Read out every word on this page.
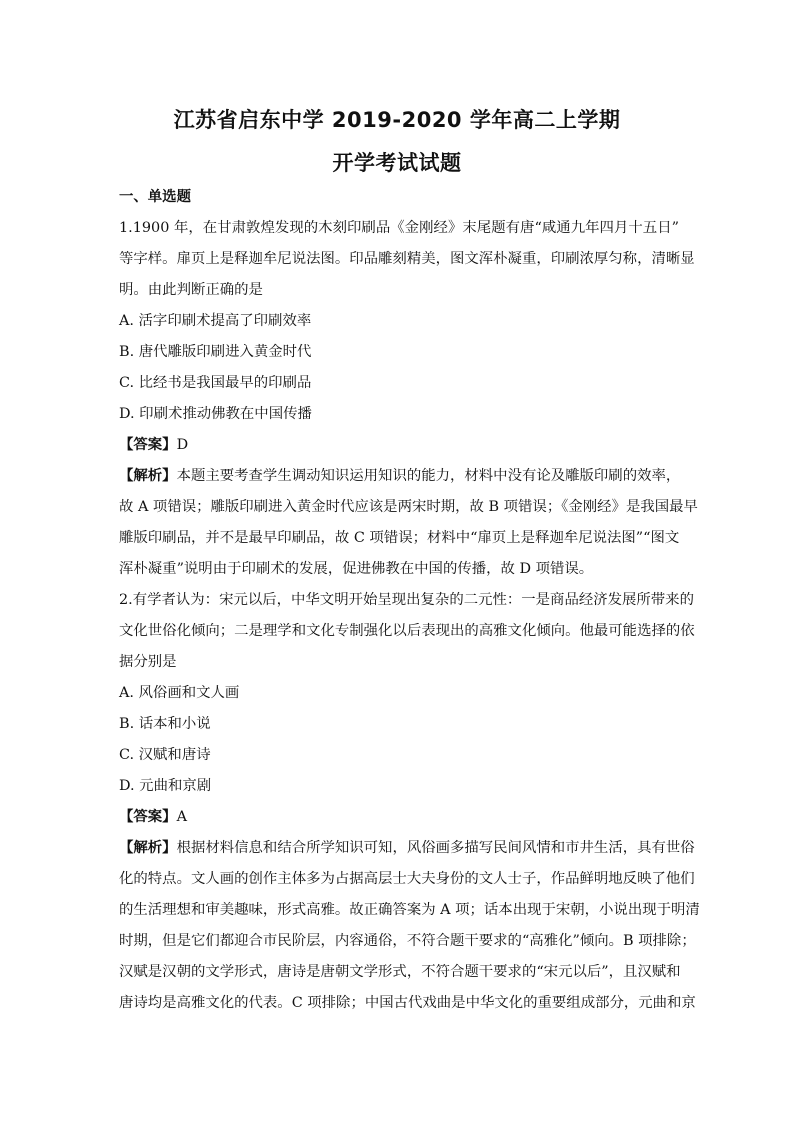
江苏省启东中学 2019-2020 学年高二上学期
开学考试试题
一、单选题
1.1900 年，在甘肃敦煌发现的木刻印刷品《金刚经》末尾题有唐“咸通九年四月十五日”
等字样。扉页上是释迦牟尼说法图。印品雕刻精美，图文浑朴凝重，印刷浓厚匀称，清晰显
明。由此判断正确的是
A. 活字印刷术提高了印刷效率
B. 唐代雕版印刷进入黄金时代
C. 比经书是我国最早的印刷品
D. 印刷术推动佛教在中国传播
【答案】D
【解析】本题主要考查学生调动知识运用知识的能力，材料中没有论及雕版印刷的效率，
故 A 项错误；雕版印刷进入黄金时代应该是两宋时期，故 B 项错误；《金刚经》是我国最早
雕版印刷品，并不是最早印刷品，故 C 项错误；材料中“扉页上是释迦牟尼说法图”“图文
浑朴凝重”说明由于印刷术的发展，促进佛教在中国的传播，故 D 项错误。
2.有学者认为：宋元以后，中华文明开始呈现出复杂的二元性：一是商品经济发展所带来的
文化世俗化倾向；二是理学和文化专制强化以后表现出的高雅文化倾向。他最可能选择的依
据分别是
A. 风俗画和文人画
B. 话本和小说
C. 汉赋和唐诗
D. 元曲和京剧
【答案】A
【解析】根据材料信息和结合所学知识可知，风俗画多描写民间风情和市井生活，具有世俗
化的特点。文人画的创作主体多为占据高层士大夫身份的文人士子，作品鲜明地反映了他们
的生活理想和审美趣味，形式高雅。故正确答案为 A 项；话本出现于宋朝，小说出现于明清
时期，但是它们都迎合市民阶层，内容通俗，不符合题干要求的“高雅化”倾向。B 项排除；
汉赋是汉朝的文学形式，唐诗是唐朝文学形式，不符合题干要求的“宋元以后”，且汉赋和
唐诗均是高雅文化的代表。C 项排除；中国古代戏曲是中华文化的重要组成部分，元曲和京
